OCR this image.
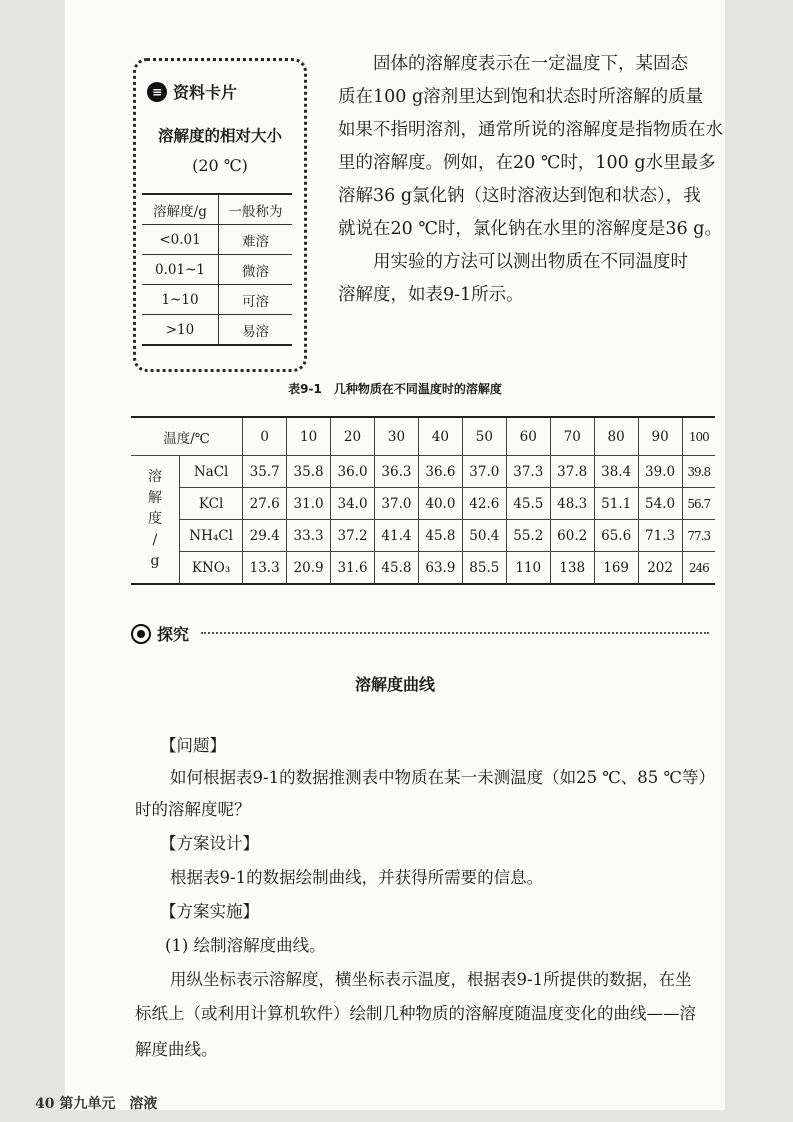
≡ 资料卡片
溶解度的相对大小
(20 ℃)
溶解度/g	一般称为
<0.01	难溶
0.01~1	微溶
1~10	可溶
>10	易溶

　　固体的溶解度表示在一定温度下，某固态

质在100 g溶剂里达到饱和状态时所溶解的质量

如果不指明溶剂，通常所说的溶解度是指物质在水

里的溶解度。例如，在20 ℃时，100 g水里最多

溶解36 g氯化钠（这时溶液达到饱和状态），我

就说在20 ℃时，氯化钠在水里的溶解度是36 g。

　　用实验的方法可以测出物质在不同温度时

溶解度，如表9-1所示。

表9-1　几种物质在不同温度时的溶解度
温度/℃		0	10	20	30	40	50	60	70	80	90	100

溶
解
度
/
g	NaCl	35.7	35.8	36.0	36.3	36.6	37.0	37.3	37.8	38.4	39.0	39.8
	KCl	27.6	31.0	34.0	37.0	40.0	42.6	45.5	48.3	51.1	54.0	56.7
	NH₄Cl	29.4	33.3	37.2	41.4	45.8	50.4	55.2	60.2	65.6	71.3	77.3
	KNO₃	13.3	20.9	31.6	45.8	63.9	85.5	110	138	169	202	246
探究
溶解度曲线
【问题】
如何根据表9-1的数据推测表中物质在某一未测温度（如25 ℃、85 ℃等）
时的溶解度呢？
【方案设计】
根据表9-1的数据绘制曲线，并获得所需要的信息。
【方案实施】
(1) 绘制溶解度曲线。
用纵坐标表示溶解度，横坐标表示温度，根据表9-1所提供的数据，在坐
标纸上（或利用计算机软件）绘制几种物质的溶解度随温度变化的曲线——溶
解度曲线。
40 第九单元　溶液
